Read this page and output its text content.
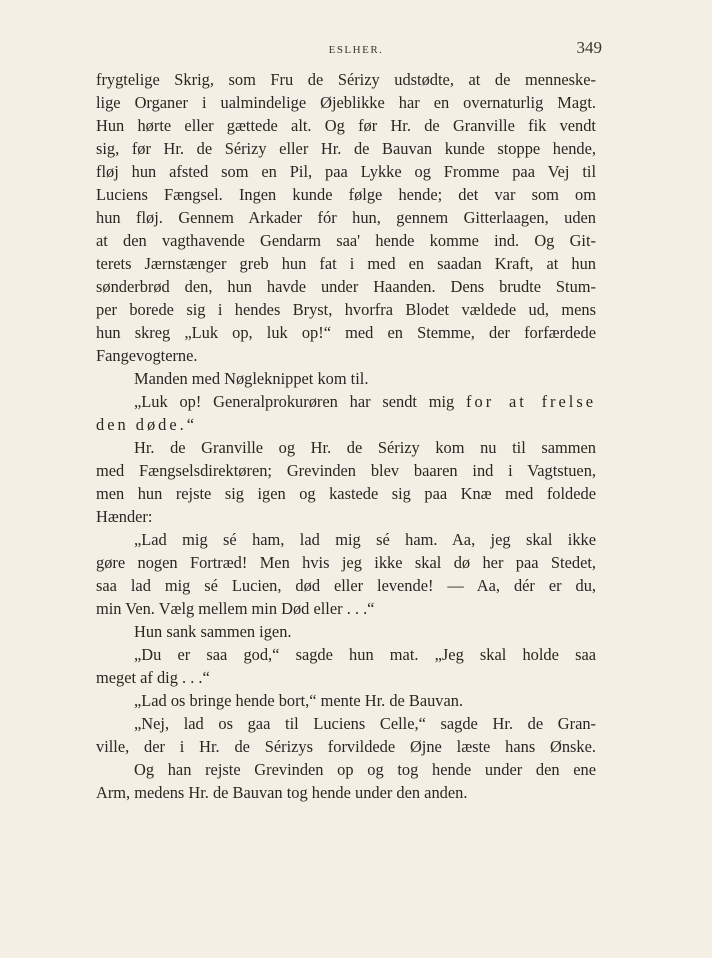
ESLHER.	349
frygtelige Skrig, som Fru de Sérizy udstødte, at de menneske-
lige Organer i ualmindelige Øjeblikke har en overnaturlig Magt.
Hun hørte eller gættede alt. Og før Hr. de Granville fik vendt
sig, før Hr. de Sérizy eller Hr. de Bauvan kunde stoppe hende,
fløj hun afsted som en Pil, paa Lykke og Fromme paa Vej til
Luciens Fængsel. Ingen kunde følge hende; det var som om
hun fløj. Gennem Arkader fór hun, gennem Gitterlaagen, uden
at den vagthavende Gendarm saa' hende komme ind. Og Git-
terets Jærnstænger greb hun fat i med en saadan Kraft, at hun
sønderbrød den, hun havde under Haanden. Dens brudte Stum-
per borede sig i hendes Bryst, hvorfra Blodet vældede ud, mens
hun skreg „Luk op, luk op!“ med en Stemme, der forfærdede
Fangevogterne.
Manden med Nøgleknippet kom til.
„Luk op! Generalprokurøren har sendt mig for at frelse
den døde.“
Hr. de Granville og Hr. de Sérizy kom nu til sammen
med Fængselsdirektøren; Grevinden blev baaren ind i Vagtstuen,
men hun rejste sig igen og kastede sig paa Knæ med foldede
Hænder:
„Lad mig sé ham, lad mig sé ham. Aa, jeg skal ikke
gøre nogen Fortræd! Men hvis jeg ikke skal dø her paa Stedet,
saa lad mig sé Lucien, død eller levende! — Aa, dér er du,
min Ven. Vælg mellem min Død eller . . .“
Hun sank sammen igen.
„Du er saa god,“ sagde hun mat. „Jeg skal holde saa
meget af dig . . .“
„Lad os bringe hende bort,“ mente Hr. de Bauvan.
„Nej, lad os gaa til Luciens Celle,“ sagde Hr. de Gran-
ville, der i Hr. de Sérizys forvildede Øjne læste hans Ønske.
Og han rejste Grevinden op og tog hende under den ene
Arm, medens Hr. de Bauvan tog hende under den anden.
